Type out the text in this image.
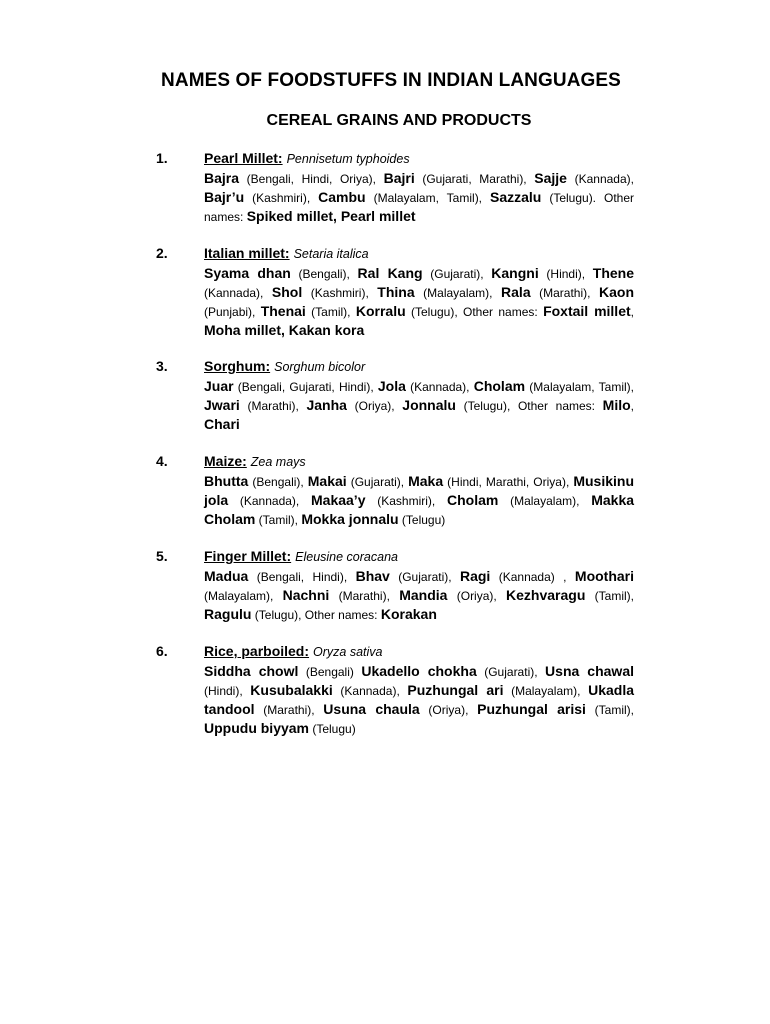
NAMES OF FOODSTUFFS IN INDIAN LANGUAGES
CEREAL GRAINS AND PRODUCTS
1.	Pearl Millet: Pennisetum typhoides
Bajra (Bengali, Hindi, Oriya), Bajri (Gujarati, Marathi), Sajje (Kannada), Bajr’u (Kashmiri), Cambu (Malayalam, Tamil), Sazzalu (Telugu). Other names: Spiked millet, Pearl millet
2.	Italian millet: Setaria italica
Syama dhan (Bengali), Ral Kang (Gujarati), Kangni (Hindi), Thene (Kannada), Shol (Kashmiri), Thina (Malayalam), Rala (Marathi), Kaon (Punjabi), Thenai (Tamil), Korralu (Telugu), Other names: Foxtail millet, Moha millet, Kakan kora
3.	Sorghum: Sorghum bicolor
Juar (Bengali, Gujarati, Hindi), Jola (Kannada), Cholam (Malayalam, Tamil), Jwari (Marathi), Janha (Oriya), Jonnalu (Telugu), Other names: Milo, Chari
4.	Maize: Zea mays
Bhutta (Bengali), Makai (Gujarati), Maka (Hindi, Marathi, Oriya), Musikinu jola (Kannada), Makaa’y (Kashmiri), Cholam (Malayalam), Makka Cholam (Tamil), Mokka jonnalu (Telugu)
5.	Finger Millet: Eleusine coracana
Madua (Bengali, Hindi), Bhav (Gujarati), Ragi (Kannada) , Moothari (Malayalam), Nachni (Marathi), Mandia (Oriya), Kezhvaragu (Tamil), Ragulu (Telugu), Other names: Korakan
6.	Rice, parboiled: Oryza sativa
Siddha chowl (Bengali) Ukadello chokha (Gujarati), Usna chawal (Hindi), Kusubalakki (Kannada), Puzhungal ari (Malayalam), Ukadla tandool (Marathi), Usuna chaula (Oriya), Puzhungal arisi (Tamil), Uppudu biyyam (Telugu)
